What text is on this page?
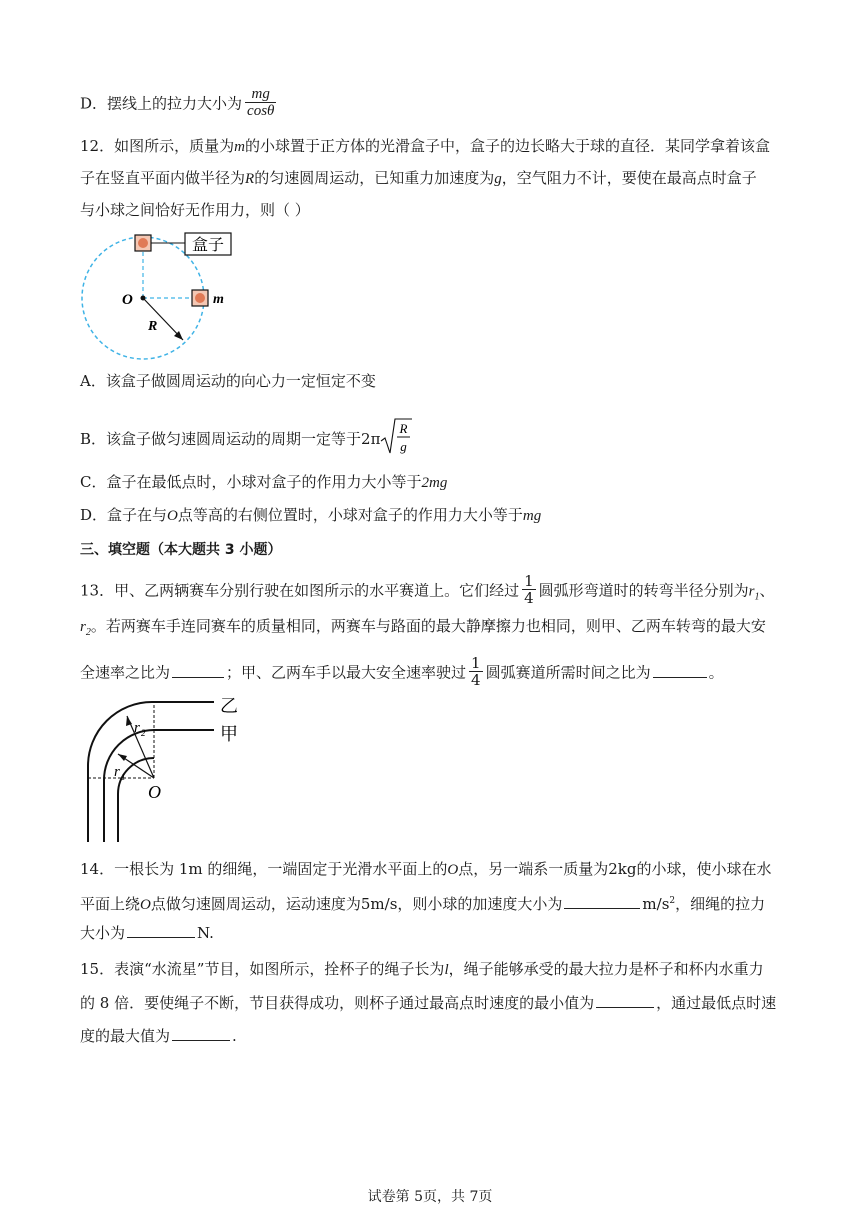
D．摆线上的拉力大小为 $\frac{mg}{\cos\theta}$
12．如图所示，质量为m的小球置于正方体的光滑盒子中，盒子的边长略大于球的直径．某同学拿着该盒
子在竖直平面内做半径为R的匀速圆周运动，已知重力加速度为g，空气阻力不计，要使在最高点时盒子
与小球之间恰好无作用力，则（ ）
盒子
m
O
R
A．该盒子做圆周运动的向心力一定恒定不变
B．该盒子做匀速圆周运动的周期一定等于2π
R
g
C．盒子在最低点时，小球对盒子的作用力大小等于2mg
D．盒子在与O点等高的右侧位置时，小球对盒子的作用力大小等于mg
三、填空题（本大题共 3 小题）
13．甲、乙两辆赛车分别行驶在如图所示的水平赛道上。它们经过 $\frac{1}{4}$ 圆弧形弯道时的转弯半径分别为$r_1$、
$r_2$。若两赛车手连同赛车的质量相同，两赛车与路面的最大静摩擦力也相同，则甲、乙两车转弯的最大安
全速率之比为	；甲、乙两车手以最大安全速率驶过 $\frac{1}{4}$ 圆弧赛道所需时间之比为	。
r 2
r 1
O
乙
甲
14．一根长为 1m 的细绳，一端固定于光滑水平面上的O点，另一端系一质量为2kg的小球，使小球在水
平面上绕O点做匀速圆周运动，运动速度为5m/s，则小球的加速度大小为	$m/s^2$，细绳的拉力
大小为	N.
15．表演“水流星”节目，如图所示，拴杯子的绳子长为l，绳子能够承受的最大拉力是杯子和杯内水重力
的 8 倍．要使绳子不断，节目获得成功，则杯子通过最高点时速度的最小值为	，通过最低点时速
度的最大值为	.
试卷第 5页，共 7页
